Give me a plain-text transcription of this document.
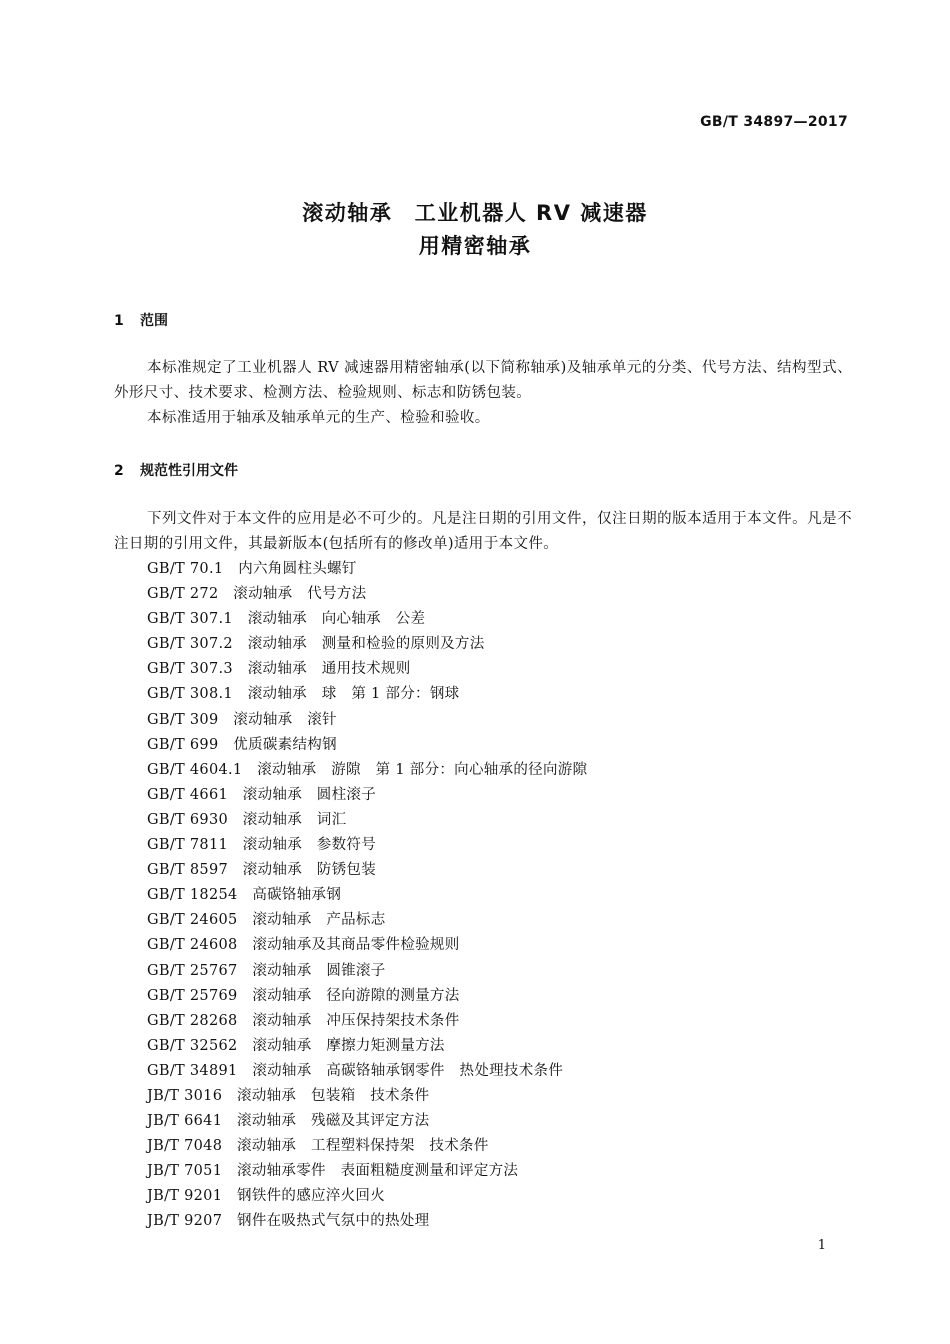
GB/T 34897—2017
滚动轴承　工业机器人 RV 减速器
用精密轴承
1 范围
本标准规定了工业机器人 RV 减速器用精密轴承(以下简称轴承)及轴承单元的分类、代号方法、结构型式、外形尺寸、技术要求、检测方法、检验规则、标志和防锈包装。
本标准适用于轴承及轴承单元的生产、检验和验收。
2 规范性引用文件
下列文件对于本文件的应用是必不可少的。凡是注日期的引用文件，仅注日期的版本适用于本文件。凡是不注日期的引用文件，其最新版本(包括所有的修改单)适用于本文件。
GB/T 70.1　内六角圆柱头螺钉
GB/T 272　滚动轴承　代号方法
GB/T 307.1　滚动轴承　向心轴承　公差
GB/T 307.2　滚动轴承　测量和检验的原则及方法
GB/T 307.3　滚动轴承　通用技术规则
GB/T 308.1　滚动轴承　球　第 1 部分：钢球
GB/T 309　滚动轴承　滚针
GB/T 699　优质碳素结构钢
GB/T 4604.1　滚动轴承　游隙　第 1 部分：向心轴承的径向游隙
GB/T 4661　滚动轴承　圆柱滚子
GB/T 6930　滚动轴承　词汇
GB/T 7811　滚动轴承　参数符号
GB/T 8597　滚动轴承　防锈包装
GB/T 18254　高碳铬轴承钢
GB/T 24605　滚动轴承　产品标志
GB/T 24608　滚动轴承及其商品零件检验规则
GB/T 25767　滚动轴承　圆锥滚子
GB/T 25769　滚动轴承　径向游隙的测量方法
GB/T 28268　滚动轴承　冲压保持架技术条件
GB/T 32562　滚动轴承　摩擦力矩测量方法
GB/T 34891　滚动轴承　高碳铬轴承钢零件　热处理技术条件
JB/T 3016　滚动轴承　包装箱　技术条件
JB/T 6641　滚动轴承　残磁及其评定方法
JB/T 7048　滚动轴承　工程塑料保持架　技术条件
JB/T 7051　滚动轴承零件　表面粗糙度测量和评定方法
JB/T 9201　钢铁件的感应淬火回火
JB/T 9207　钢件在吸热式气氛中的热处理
1
